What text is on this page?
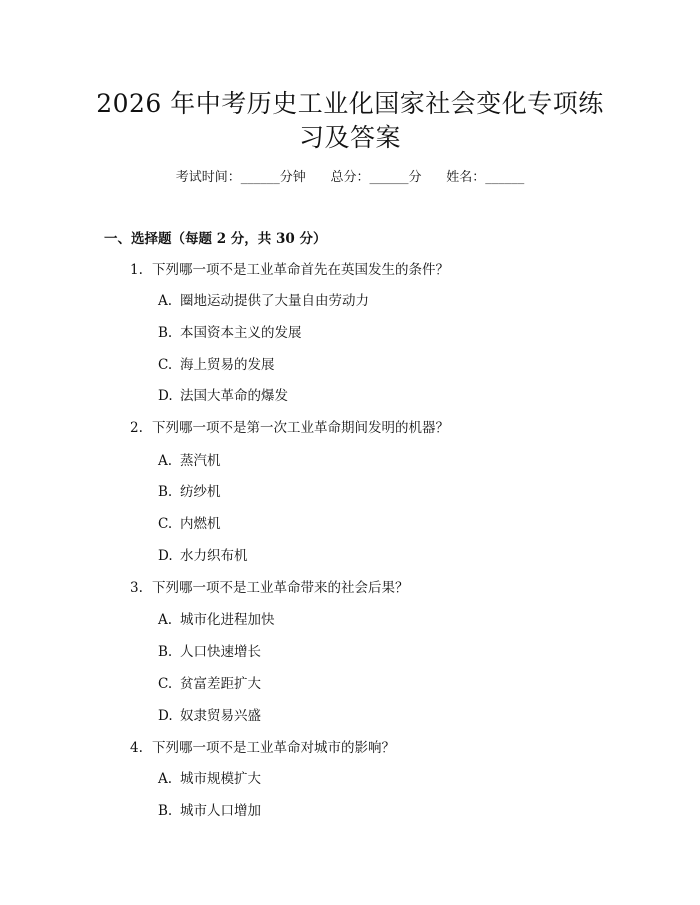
2026 年中考历史工业化国家社会变化专项练
习及答案
考试时间：______分钟      总分：______分      姓名：______
一、选择题（每题 2 分，共 30 分）
1. 下列哪一项不是工业革命首先在英国发生的条件？
A. 圈地运动提供了大量自由劳动力
B. 本国资本主义的发展
C. 海上贸易的发展
D. 法国大革命的爆发
2. 下列哪一项不是第一次工业革命期间发明的机器？
A. 蒸汽机
B. 纺纱机
C. 内燃机
D. 水力织布机
3. 下列哪一项不是工业革命带来的社会后果？
A. 城市化进程加快
B. 人口快速增长
C. 贫富差距扩大
D. 奴隶贸易兴盛
4. 下列哪一项不是工业革命对城市的影响？
A. 城市规模扩大
B. 城市人口增加
